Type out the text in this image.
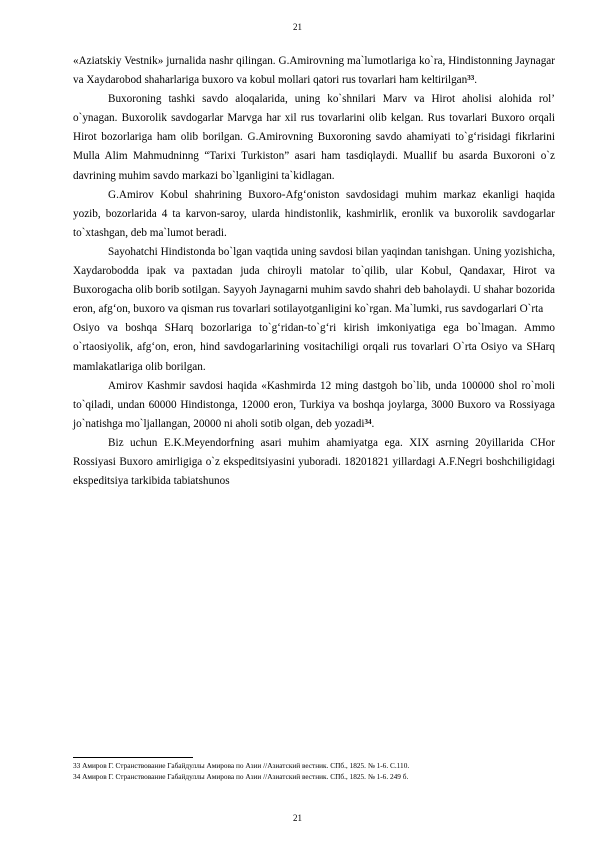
21

«Aziatskiy Vestnik» jurnalida nashr qilingan. G.Amirovning ma`lumotlariga ko`ra, Hindistonning Jaynagar va Xaydarobod shaharlariga buxoro va kobul mollari qatori rus tovarlari ham keltirilgan$^{33}$.

Buxoroning tashki savdo aloqalarida, uning ko`shnilari Marv va Hirot aholisi alohida rol’ o`ynagan. Buxorolik savdogarlar Marvga har xil rus tovarlarini olib kelgan. Rus tovarlari Buxoro orqali Hirot bozorlariga ham olib borilgan. G.Amirovning Buxoroning savdo ahamiyati to`g‘risidagi fikrlarini Mulla Alim Mahmudninng “Tarixi Turkiston” asari ham tasdiqlaydi. Muallif bu asarda Buxoroni o`z davrining muhim savdo markazi bo`lganligini ta`kidlagan.

G.Amirov Kobul shahrining Buxoro-Afg‘oniston savdosidagi muhim markaz ekanligi haqida yozib, bozorlarida 4 ta karvon-saroy, ularda hindistonlik, kashmirlik, eronlik va buxorolik savdogarlar to`xtashgan, deb ma`lumot beradi.

Sayohatchi Hindistonda bo`lgan vaqtida uning savdosi bilan yaqindan tanishgan. Uning yozishicha, Xaydarobodda ipak va paxtadan juda chiroyli matolar to`qilib, ular Kobul, Qandaxar, Hirot va Buxorogacha olib borib sotilgan. Sayyoh Jaynagarni muhim savdo shahri deb baholaydi. U shahar bozorida eron, afg‘on, buxoro va qisman rus tovarlari sotilayotganligini ko`rgan. Ma`lumki, rus savdogarlari O`rta

Osiyo va boshqa SHarq bozorlariga to`g‘ridan-to`g‘ri kirish imkoniyatiga ega bo`lmagan. Ammo o`rtaosiyolik, afg‘on, eron, hind savdogarlarining vositachiligi orqali rus tovarlari O`rta Osiyo va SHarq mamlakatlariga olib borilgan.

Amirov Kashmir savdosi haqida «Kashmirda 12 ming dastgoh bo`lib, unda 100000 shol ro`moli to`qiladi, undan 60000 Hindistonga, 12000 eron, Turkiya va boshqa joylarga, 3000 Buxoro va Rossiyaga jo`natishga mo`ljallangan, 20000 ni aholi sotib olgan, deb yozadi$^{34}$.

Biz uchun E.K.Meyendorfning asari muhim ahamiyatga ega. XIX asrning 20yillarida CHor Rossiyasi Buxoro amirligiga o`z ekspeditsiyasini yuboradi. 18201821 yillardagi A.F.Negri boshchiligidagi ekspeditsiya tarkibida tabiatshunos

33 Амиров Г. Странствование Габайдуллы Амирова по Азии //Азиатский вестник. СПб., 1825. № 1-6. С.110.
34 Амиров Г. Странствование Габайдуллы Амирова по Азии //Азиатский вестник. СПб., 1825. № 1-6. 249 б.
21
